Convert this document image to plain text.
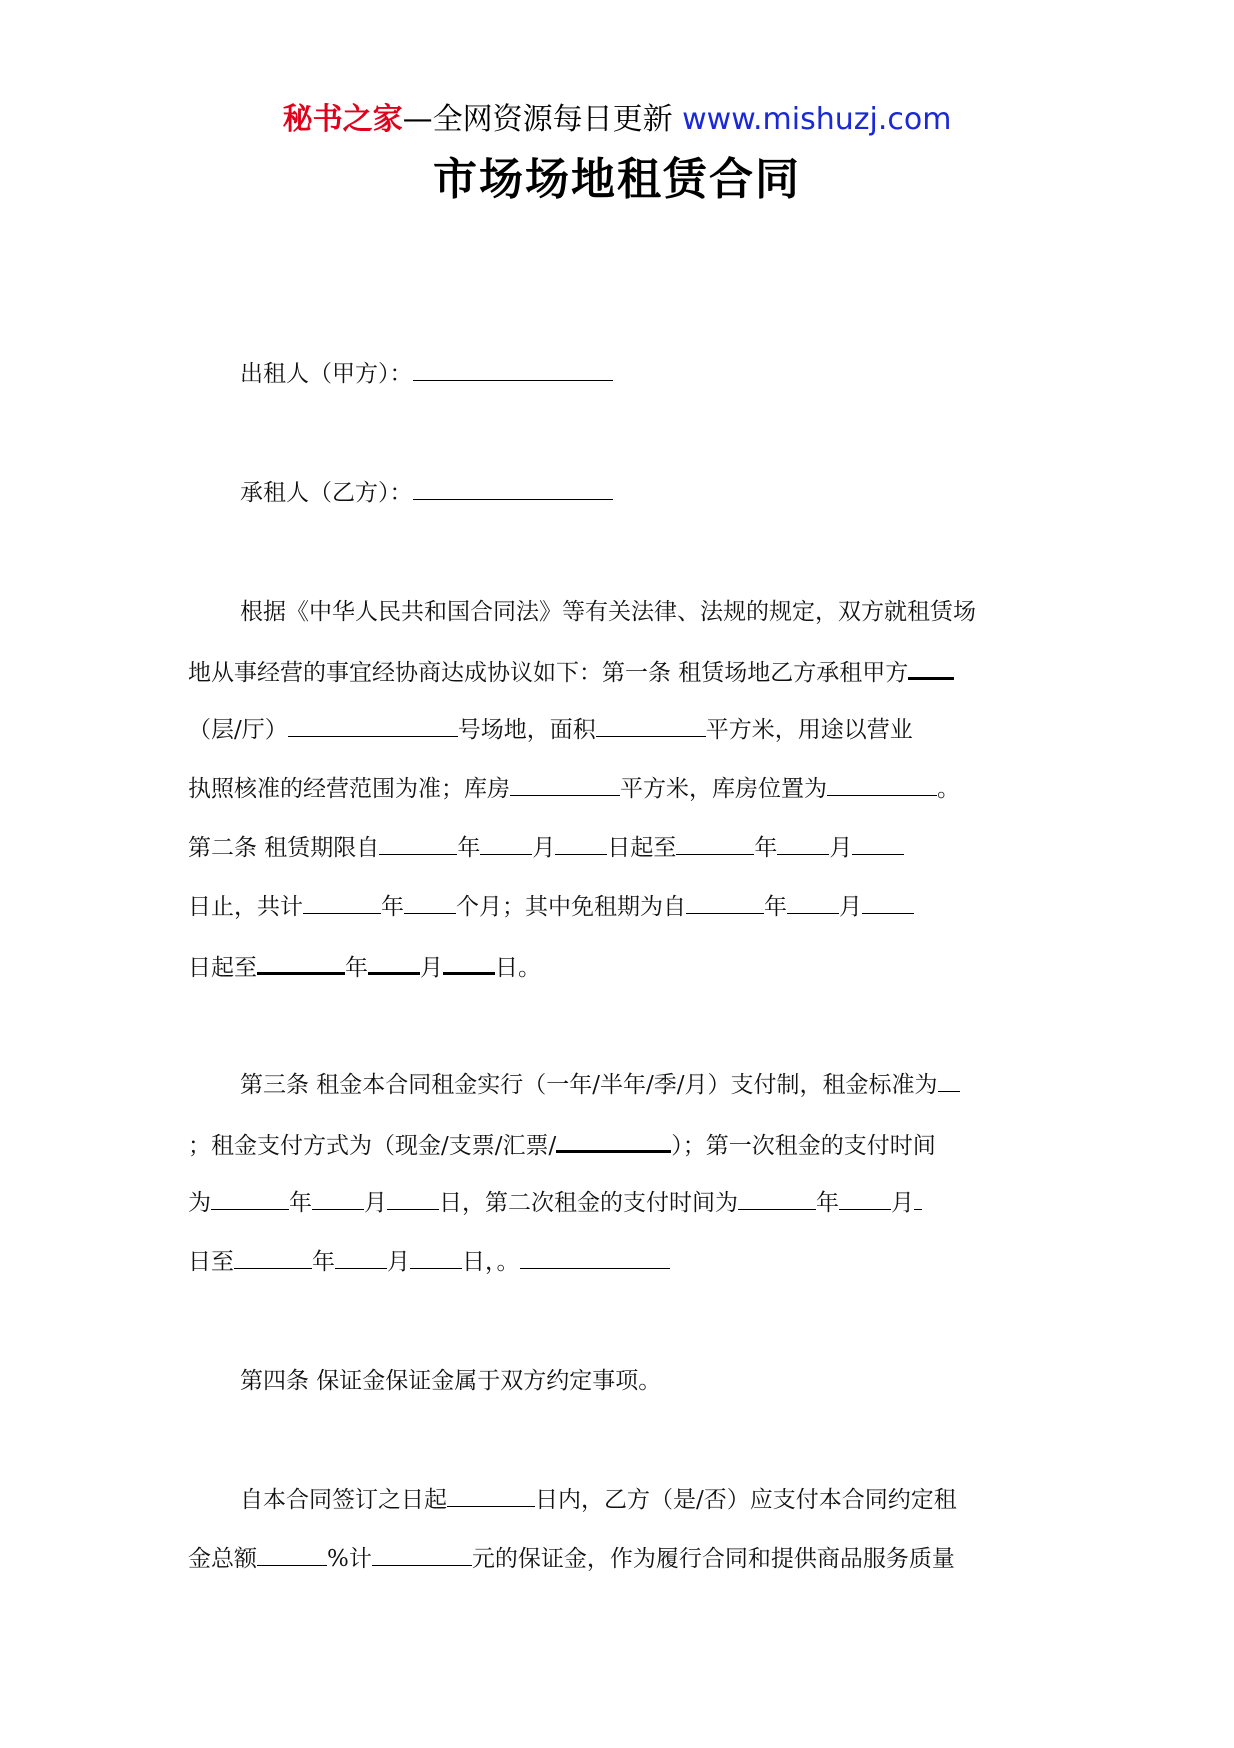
秘书之家—全网资源每日更新 www.mishuzj.com
市场场地租赁合同
出租人（甲方）：
承租人（乙方）：
根据《中华人民共和国合同法》等有关法律、法规的规定，双方就租赁场
地从事经营的事宜经协商达成协议如下：第一条 租赁场地乙方承租甲方
（层/厅）	号场地，面积	平方米，用途以营业
执照核准的经营范围为准；库房	平方米，库房位置为	。
第二条 租赁期限自	年 月 日起至	年 月
日止，共计	年 个月；其中免租期为自	年 月
日起至	年 月 日。
第三条 租金本合同租金实行（一年/半年/季/月）支付制，租金标准为
；租金支付方式为（现金/支票/汇票/	）；第一次租金的支付时间
为	年 月 日，第二次租金的支付时间为	年 月
日至	年 月 日，。
第四条 保证金保证金属于双方约定事项。
自本合同签订之日起	日内，乙方（是/否）应支付本合同约定租
金总额	%计	元的保证金，作为履行合同和提供商品服务质量
